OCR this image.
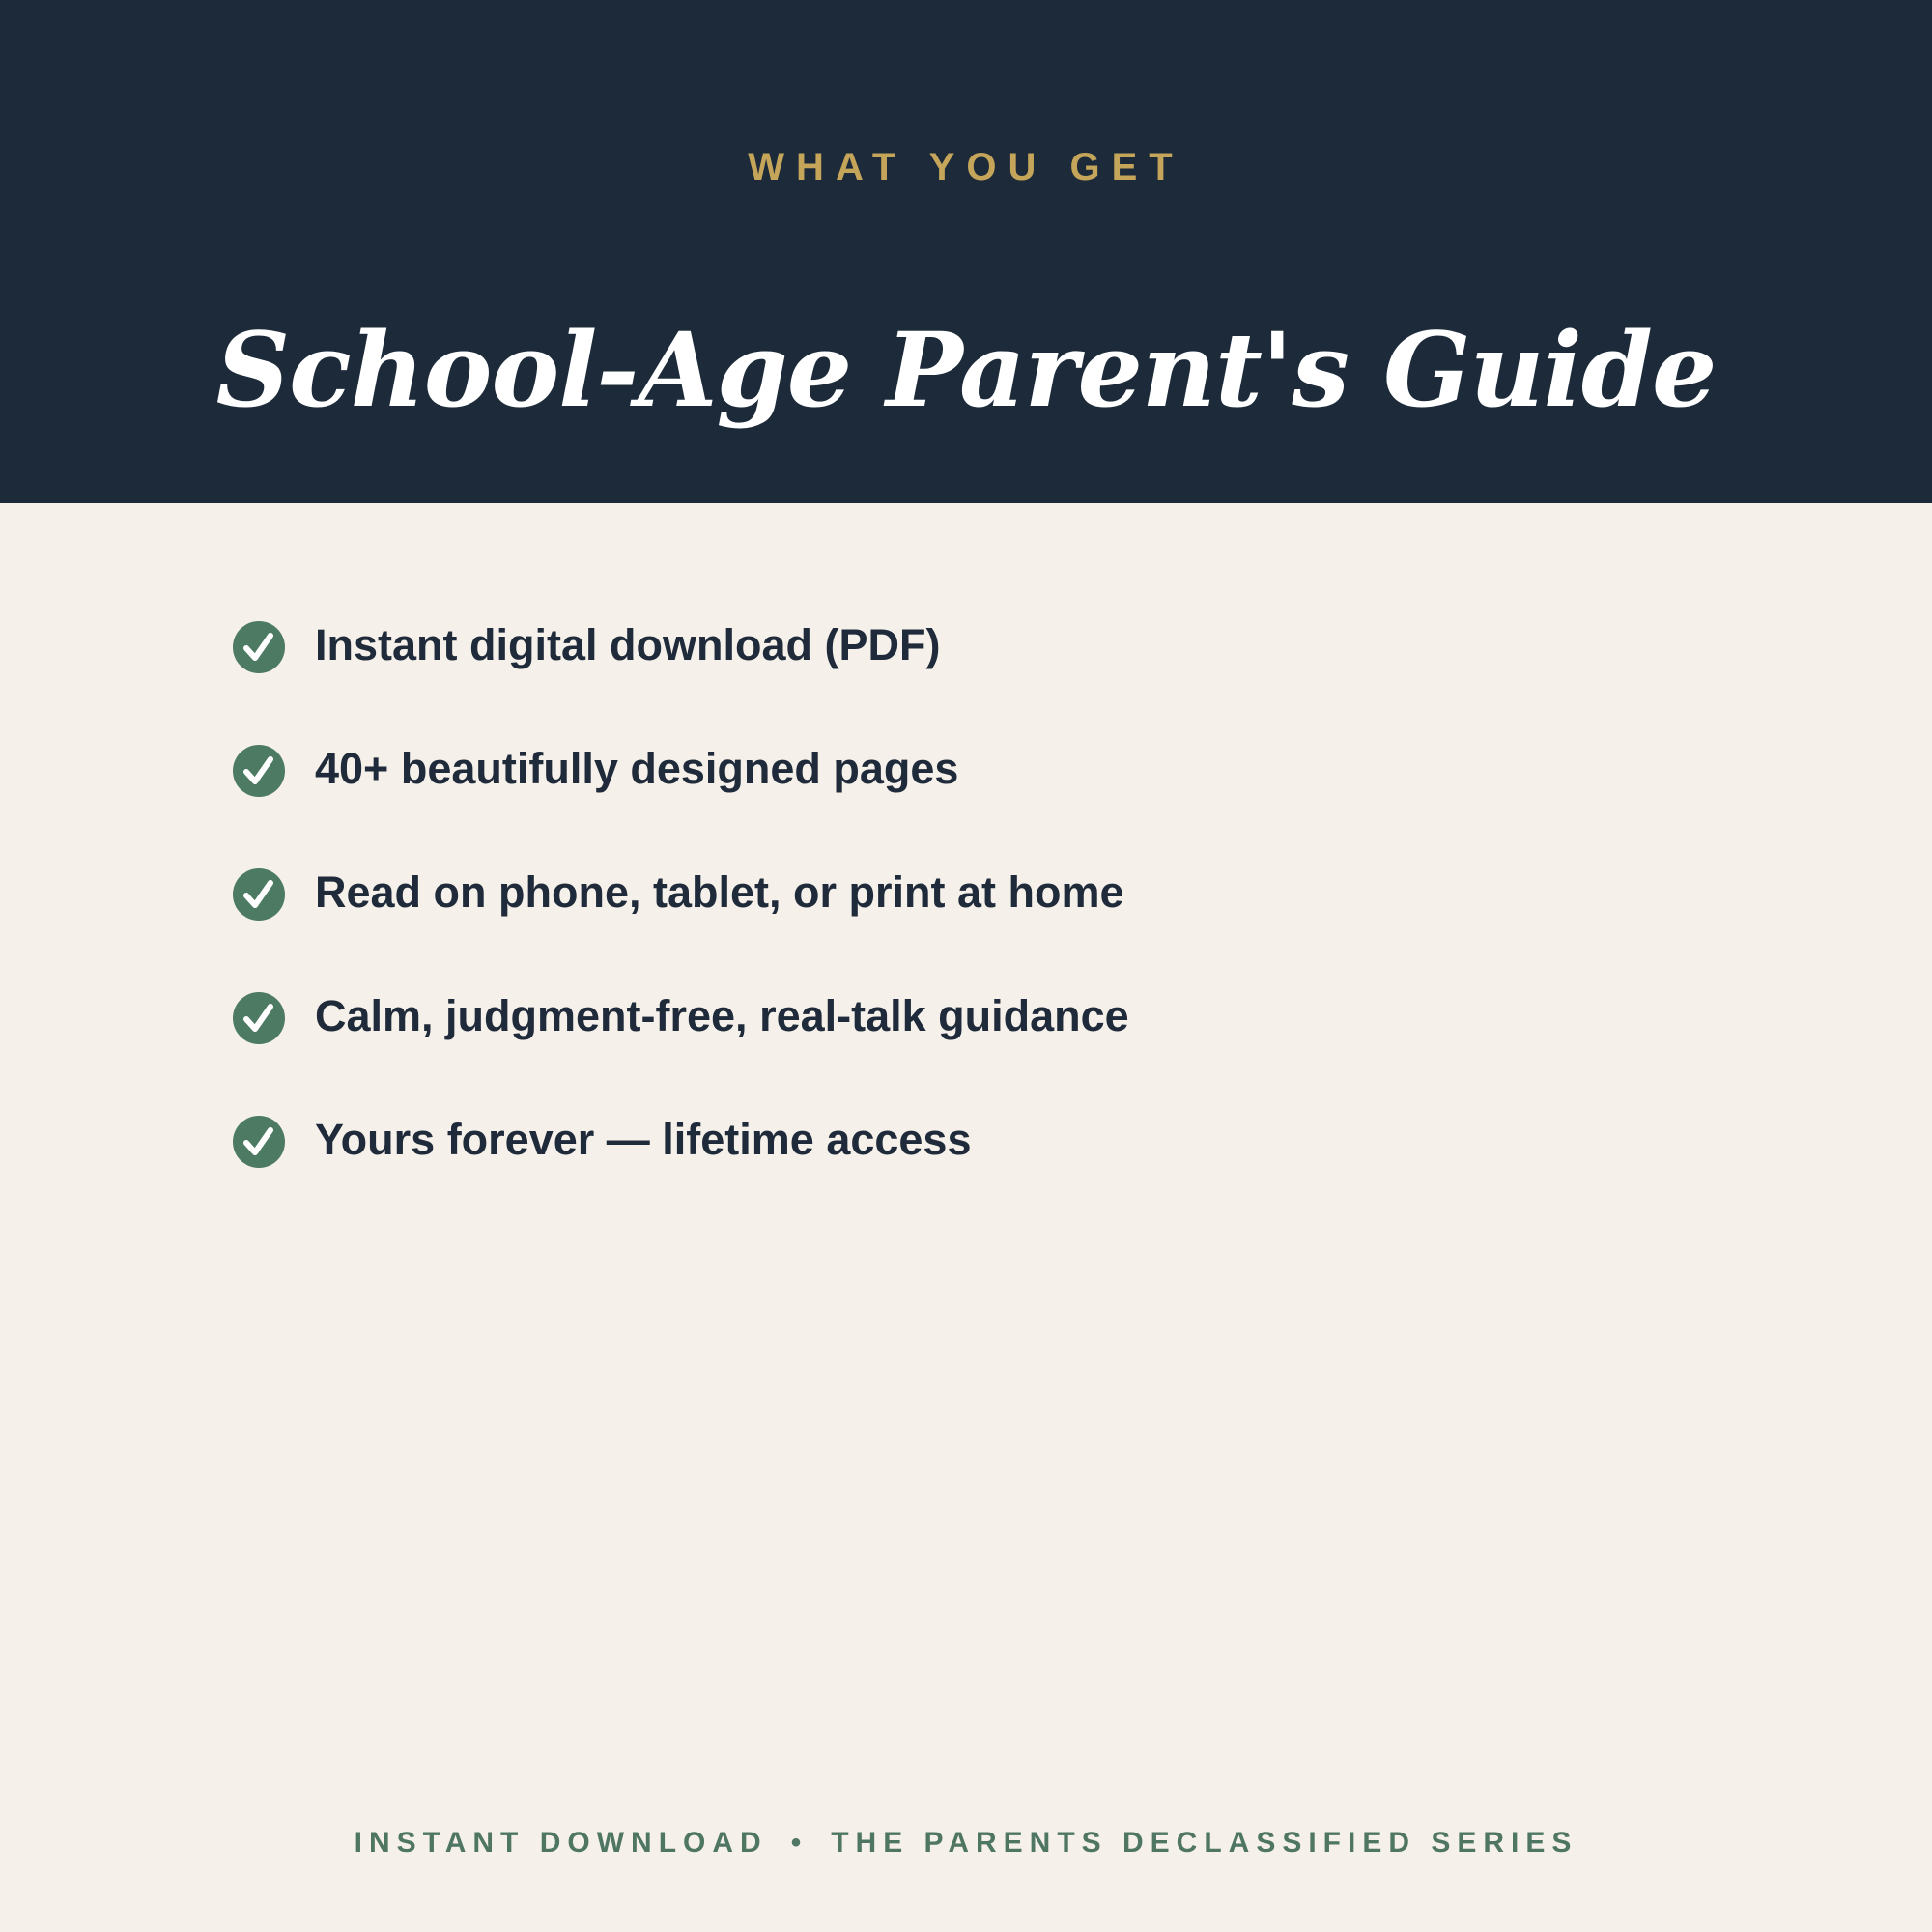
WHAT YOU GET
School-Age Parent's Guide
Instant digital download (PDF)
40+ beautifully designed pages
Read on phone, tablet, or print at home
Calm, judgment-free, real-talk guidance
Yours forever — lifetime access
INSTANT DOWNLOAD • THE PARENTS DECLASSIFIED SERIES
